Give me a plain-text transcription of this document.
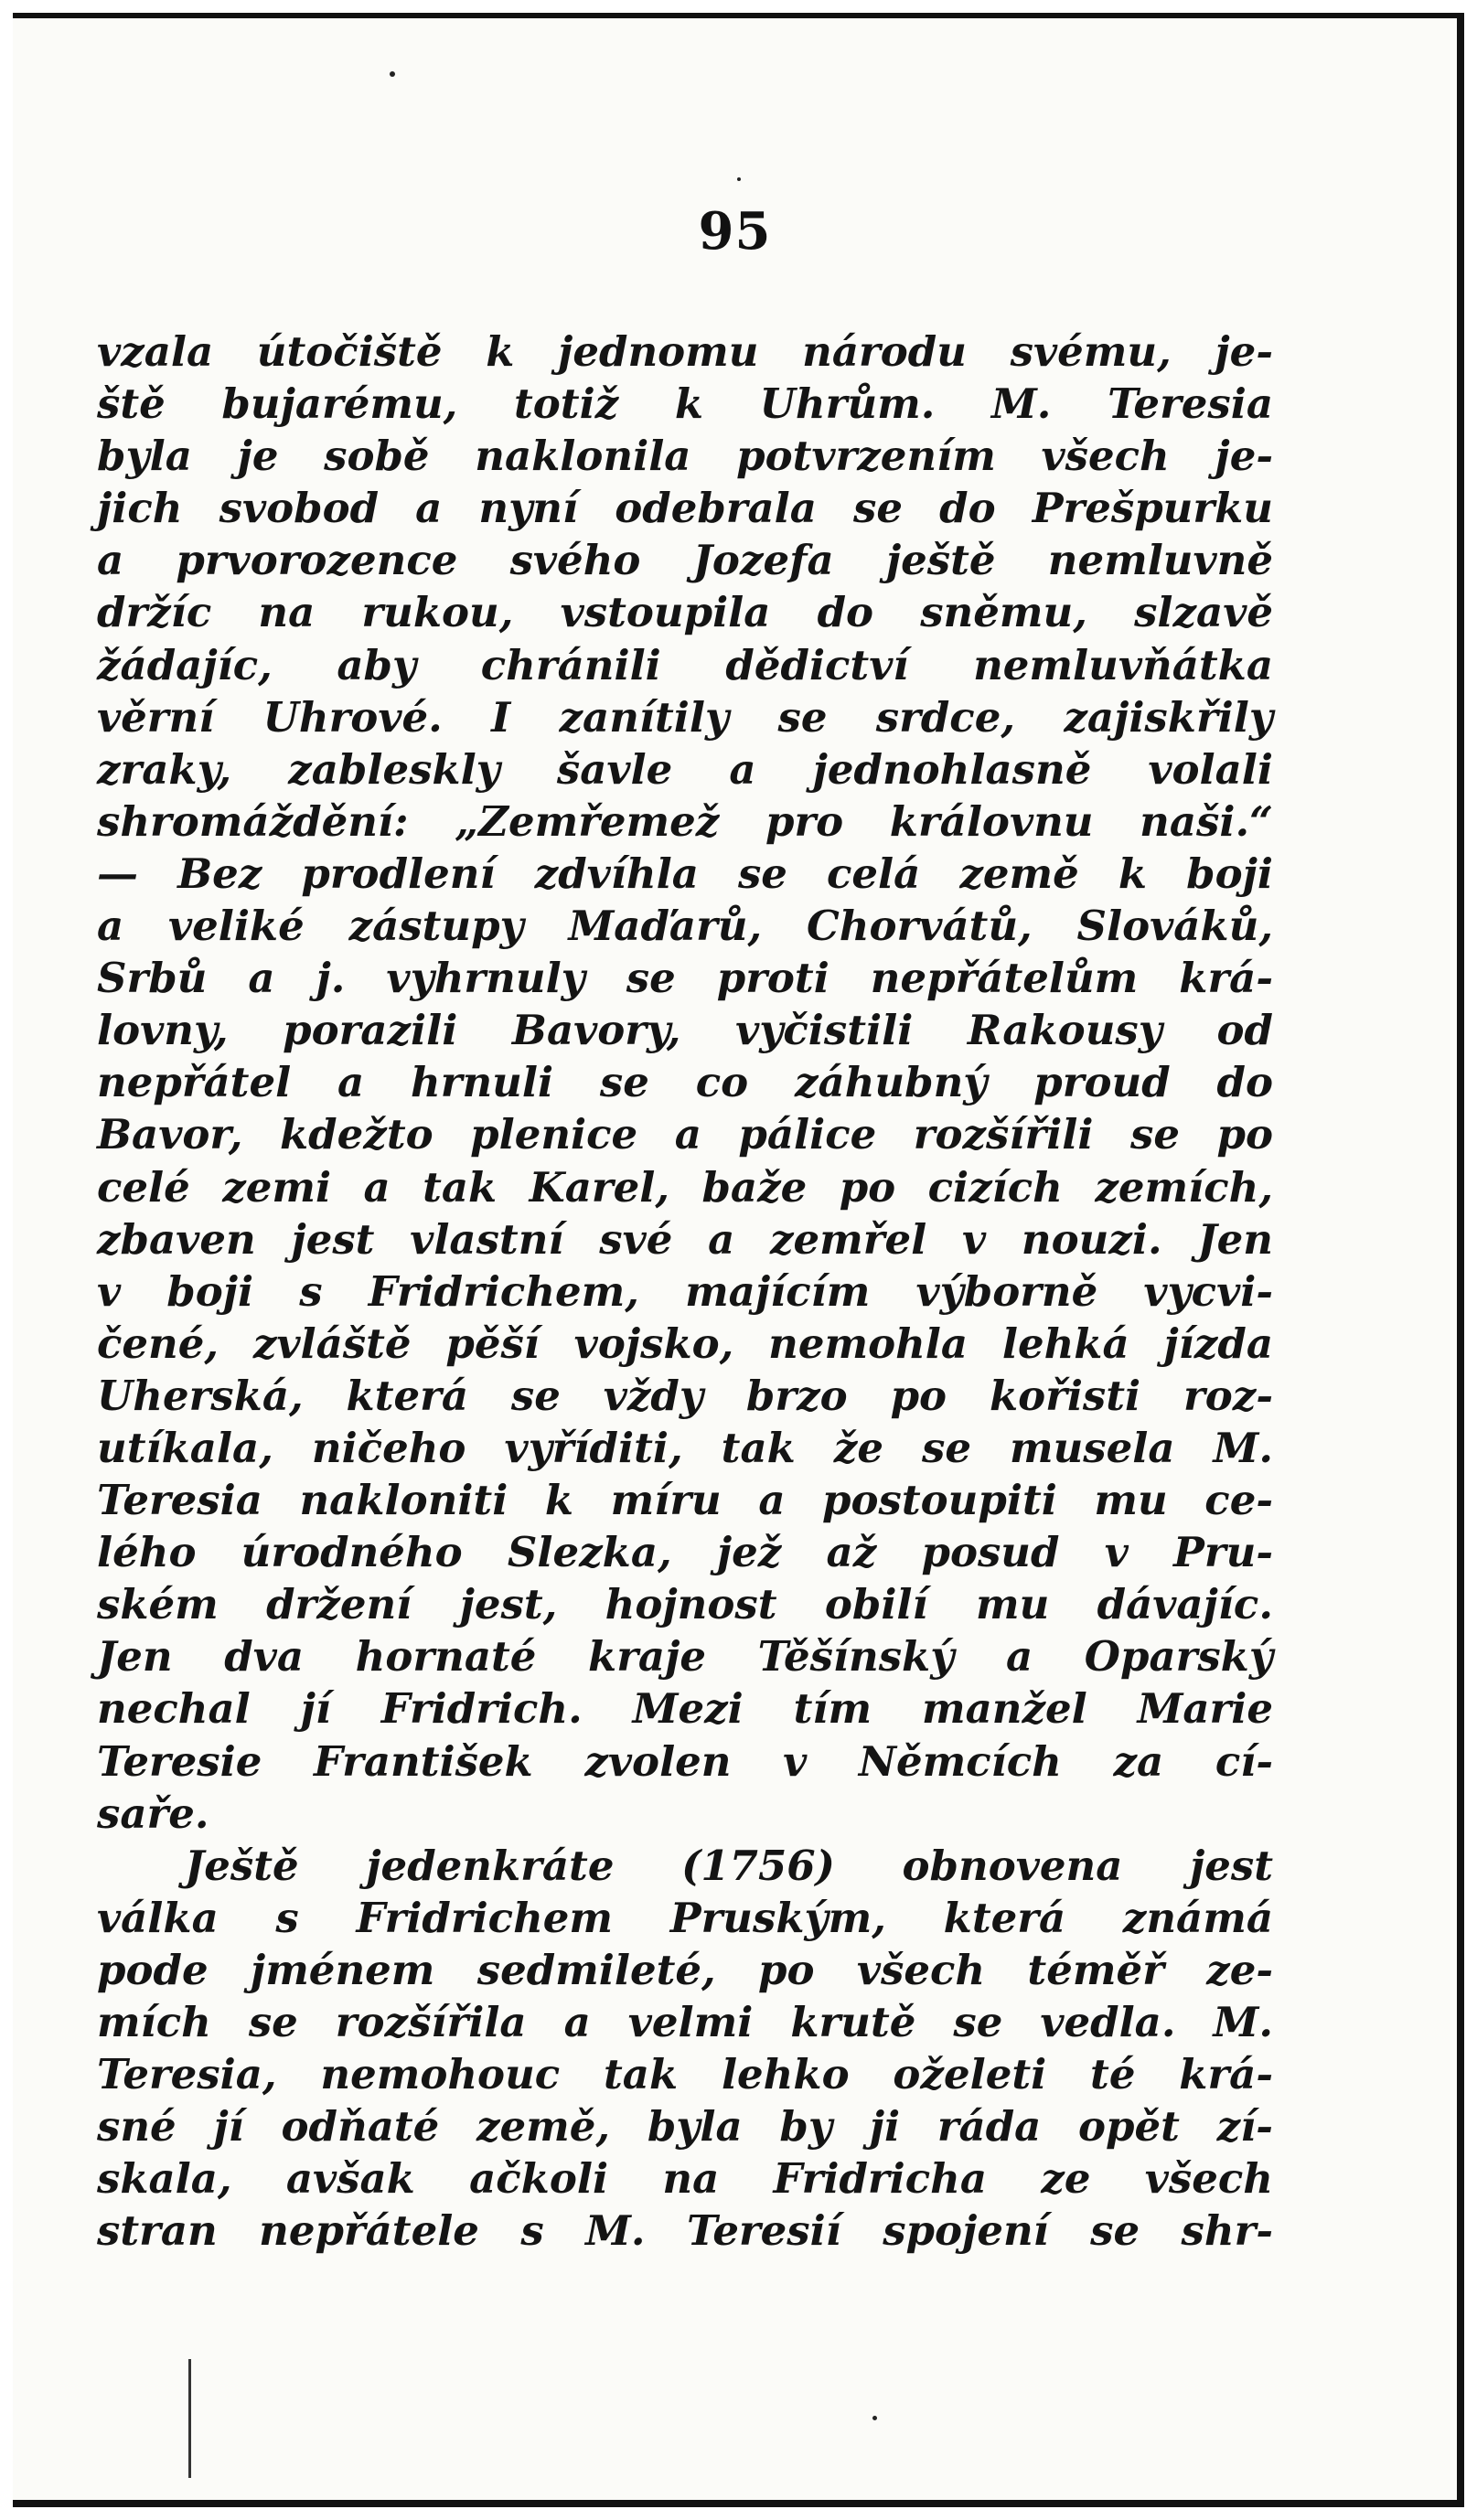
95
vzala útočiště k jednomu národu svému, je-
ště bujarému, totiž k Uhrům. M. Teresia
byla je sobě naklonila potvrzením všech je-
jich svobod a nyní odebrala se do Prešpurku
a prvorozence svého Jozefa ještě nemluvně
držíc na rukou, vstoupila do sněmu, slzavě
žádajíc, aby chránili dědictví nemluvňátka
věrní Uhrové. I zanítily se srdce, zajiskřily
zraky, zableskly šavle a jednohlasně volali
shromáždění: „Zemřemež pro královnu naši.“
— Bez prodlení zdvíhla se celá země k boji
a veliké zástupy Maďarů, Chorvátů, Slováků,
Srbů a j. vyhrnuly se proti nepřátelům krá-
lovny, porazili Bavory, vyčistili Rakousy od
nepřátel a hrnuli se co záhubný proud do
Bavor, kdežto plenice a pálice rozšířili se po
celé zemi a tak Karel, baže po cizích zemích,
zbaven jest vlastní své a zemřel v nouzi. Jen
v boji s Fridrichem, majícím výborně vycvi-
čené, zvláště pěší vojsko, nemohla lehká jízda
Uherská, která se vždy brzo po kořisti roz-
utíkala, ničeho vyříditi, tak že se musela M.
Teresia nakloniti k míru a postoupiti mu ce-
lého úrodného Slezka, jež až posud v Pru-
ském držení jest, hojnost obilí mu dávajíc.
Jen dva hornaté kraje Těšínský a Oparský
nechal jí Fridrich. Mezi tím manžel Marie
Teresie František zvolen v Němcích za cí-
saře.
Ještě jedenkráte (1756) obnovena jest
válka s Fridrichem Pruským, která známá
pode jménem sedmileté, po všech téměř ze-
mích se rozšířila a velmi krutě se vedla. M.
Teresia, nemohouc tak lehko oželeti té krá-
sné jí odňaté země, byla by ji ráda opět zí-
skala, avšak ačkoli na Fridricha ze všech
stran nepřátele s M. Teresií spojení se shr-
